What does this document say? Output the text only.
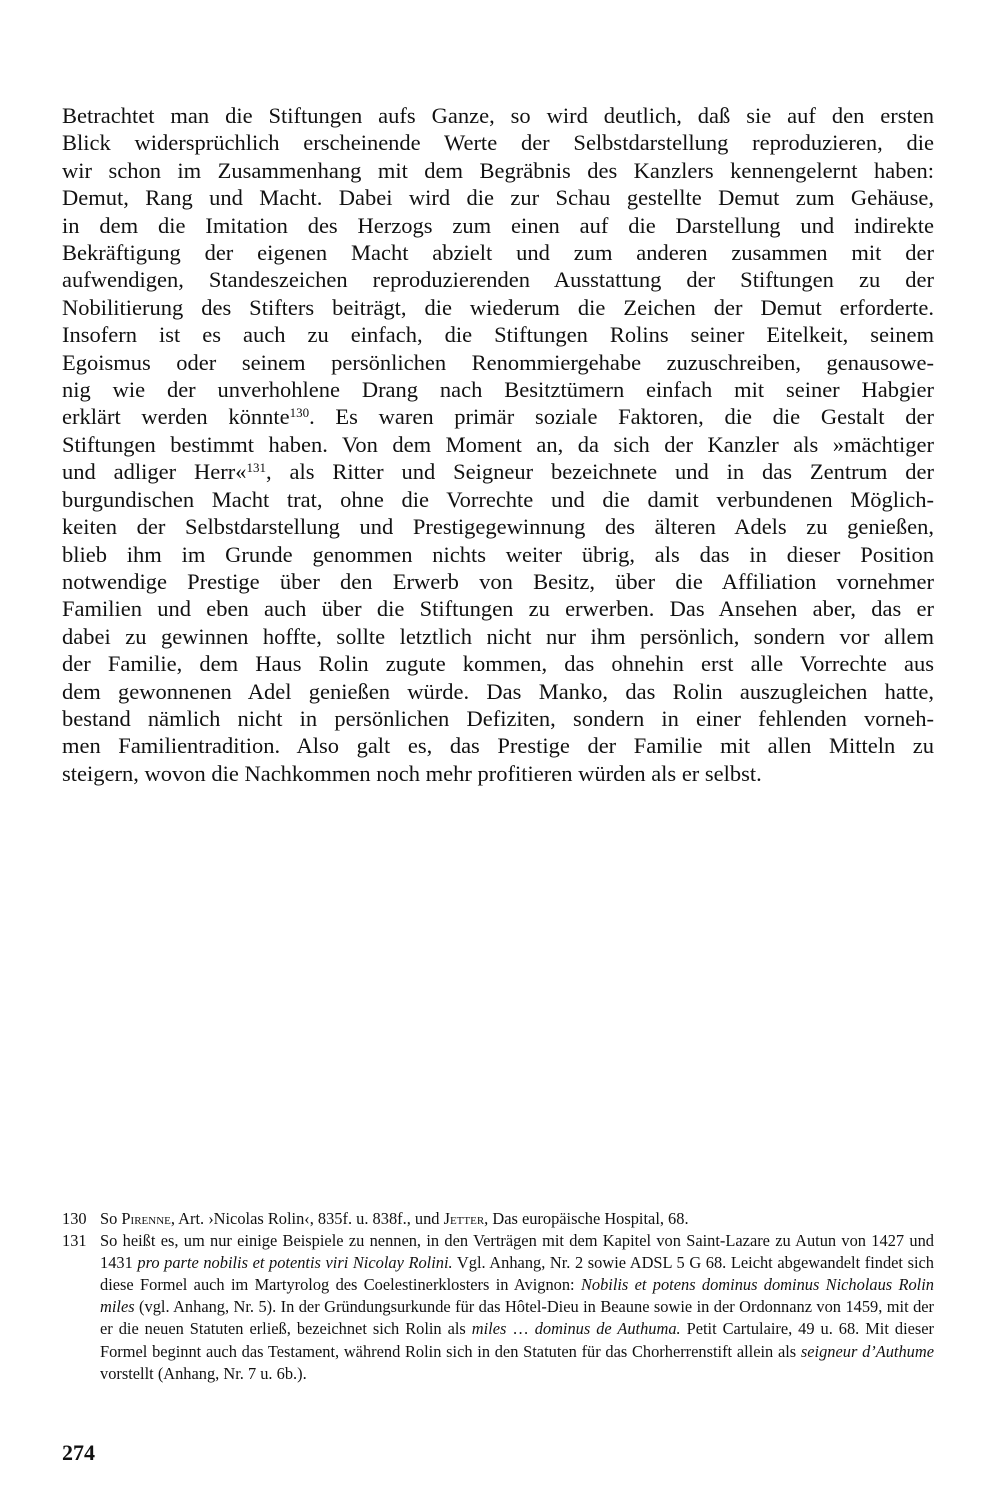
Betrachtet man die Stiftungen aufs Ganze, so wird deutlich, daß sie auf den ersten
Blick widersprüchlich erscheinende Werte der Selbstdarstellung reproduzieren, die
wir schon im Zusammenhang mit dem Begräbnis des Kanzlers kennengelernt haben:
Demut, Rang und Macht. Dabei wird die zur Schau gestellte Demut zum Gehäuse,
in dem die Imitation des Herzogs zum einen auf die Darstellung und indirekte
Bekräftigung der eigenen Macht abzielt und zum anderen zusammen mit der
aufwendigen, Standeszeichen reproduzierenden Ausstattung der Stiftungen zu der
Nobilitierung des Stifters beiträgt, die wiederum die Zeichen der Demut erforderte.
Insofern ist es auch zu einfach, die Stiftungen Rolins seiner Eitelkeit, seinem
Egoismus oder seinem persönlichen Renommiergehabe zuzuschreiben, genausowe-
nig wie der unverhohlene Drang nach Besitztümern einfach mit seiner Habgier
erklärt werden könnte$^{130}$. Es waren primär soziale Faktoren, die die Gestalt der
Stiftungen bestimmt haben. Von dem Moment an, da sich der Kanzler als »mächtiger
und adliger Herr«$^{131}$, als Ritter und Seigneur bezeichnete und in das Zentrum der
burgundischen Macht trat, ohne die Vorrechte und die damit verbundenen Möglich-
keiten der Selbstdarstellung und Prestigegewinnung des älteren Adels zu genießen,
blieb ihm im Grunde genommen nichts weiter übrig, als das in dieser Position
notwendige Prestige über den Erwerb von Besitz, über die Affiliation vornehmer
Familien und eben auch über die Stiftungen zu erwerben. Das Ansehen aber, das er
dabei zu gewinnen hoffte, sollte letztlich nicht nur ihm persönlich, sondern vor allem
der Familie, dem Haus Rolin zugute kommen, das ohnehin erst alle Vorrechte aus
dem gewonnenen Adel genießen würde. Das Manko, das Rolin auszugleichen hatte,
bestand nämlich nicht in persönlichen Defiziten, sondern in einer fehlenden vorneh-
men Familientradition. Also galt es, das Prestige der Familie mit allen Mitteln zu
steigern, wovon die Nachkommen noch mehr profitieren würden als er selbst.
130 So Pirenne, Art. ›Nicolas Rolin‹, 835f. u. 838f., und Jetter, Das europäische Hospital, 68.
131 So heißt es, um nur einige Beispiele zu nennen, in den Verträgen mit dem Kapitel von Saint-Lazare zu Autun von 1427 und 1431 pro parte nobilis et potentis viri Nicolay Rolini. Vgl. Anhang, Nr. 2 sowie ADSL 5 G 68. Leicht abgewandelt findet sich diese Formel auch im Martyrolog des Coelestinerklosters in Avignon: Nobilis et potens dominus dominus Nicholaus Rolin miles (vgl. Anhang, Nr. 5). In der Gründungsurkunde für das Hôtel-Dieu in Beaune sowie in der Ordonnanz von 1459, mit der er die neuen Statuten erließ, bezeichnet sich Rolin als miles … dominus de Authuma. Petit Cartulaire, 49 u. 68. Mit dieser Formel beginnt auch das Testament, während Rolin sich in den Statuten für das Chorherrenstift allein als seigneur d’Authume vorstellt (Anhang, Nr. 7 u. 6b.).
274
